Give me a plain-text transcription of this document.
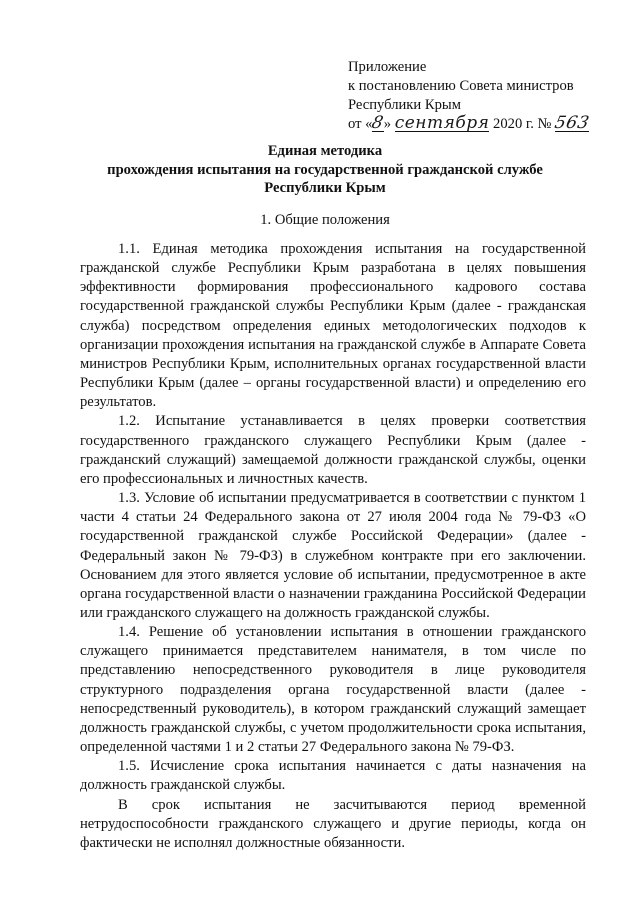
Приложение
к постановлению Совета министров
Республики Крым
от «8» сентября 2020 г. № 563
Единая методика
прохождения испытания на государственной гражданской службе
Республики Крым
1. Общие положения

1.1. Единая методика прохождения испытания на государственной гражданской службе Республики Крым разработана в целях повышения эффективности формирования профессионального кадрового состава государственной гражданской службы Республики Крым (далее - гражданская служба) посредством определения единых методологических подходов к организации прохождения испытания на гражданской службе в Аппарате Совета министров Республики Крым, исполнительных органах государственной власти Республики Крым (далее – органы государственной власти) и определению его результатов.

1.2. Испытание устанавливается в целях проверки соответствия государственного гражданского служащего Республики Крым (далее - гражданский служащий) замещаемой должности гражданской службы, оценки его профессиональных и личностных качеств.

1.3. Условие об испытании предусматривается в соответствии с пунктом 1 части 4 статьи 24 Федерального закона от 27 июля 2004 года № 79-ФЗ «О государственной гражданской службе Российской Федерации» (далее - Федеральный закон № 79-ФЗ) в служебном контракте при его заключении. Основанием для этого является условие об испытании, предусмотренное в акте органа государственной власти о назначении гражданина Российской Федерации или гражданского служащего на должность гражданской службы.

1.4. Решение об установлении испытания в отношении гражданского служащего принимается представителем нанимателя, в том числе по представлению непосредственного руководителя в лице руководителя структурного подразделения органа государственной власти (далее - непосредственный руководитель), в котором гражданский служащий замещает должность гражданской службы, с учетом продолжительности срока испытания, определенной частями 1 и 2 статьи 27 Федерального закона № 79-ФЗ.

1.5. Исчисление срока испытания начинается с даты назначения на должность гражданской службы.

В срок испытания не засчитываются период временной нетрудоспособности гражданского служащего и другие периоды, когда он фактически не исполнял должностные обязанности.
